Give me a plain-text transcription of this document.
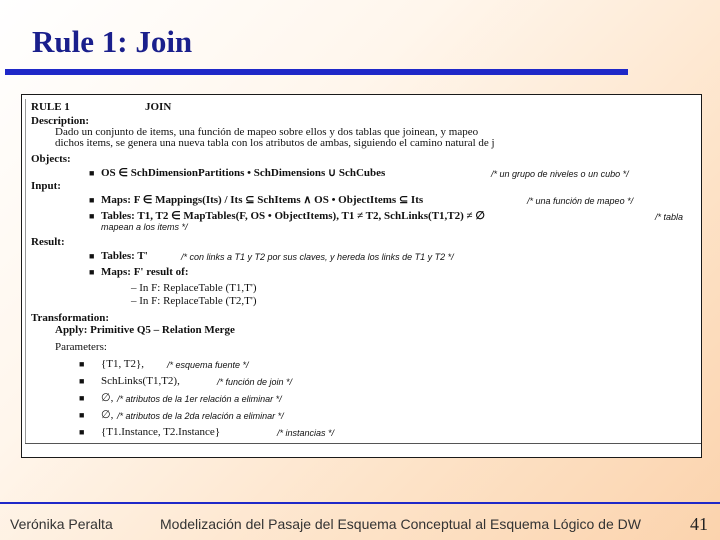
Rule 1: Join
RULE 1	JOIN
Description:
Dado un conjunto de items, una función de mapeo sobre ellos y dos tablas que joinean, y mapeo
dichos items, se genera una nueva tabla con los atributos de ambas, siguiendo el camino natural de j
Objects:
■ OS ∈ SchDimensionPartitions • SchDimensions ∪ SchCubes	/* un grupo de niveles o un cubo */
Input:
■ Maps: F ∈ Mappings(Its) / Its ⊆ SchItems ∧ OS • ObjectItems ⊆ Its	/* una función de mapeo */
■ Tables: T1, T2 ∈ MapTables(F, OS • ObjectItems), T1 ≠ T2, SchLinks(T1,T2) ≠ ∅	/* tabla
mapean a los items */
Result:
■ Tables: T'	/* con links a T1 y T2 por sus claves, y hereda los links de T1 y T2 */
■ Maps: F' result of:
– In F: ReplaceTable (T1,T')
– In F: ReplaceTable (T2,T')
Transformation:
Apply: Primitive Q5 – Relation Merge
Parameters:
■ {T1, T2},	/* esquema fuente */
■ SchLinks(T1,T2),	/* función de join */
■ ∅, /* atributos de la 1er relación a eliminar */
■ ∅, /* atributos de la 2da relación a eliminar */
■ {T1.Instance, T2.Instance}	/* instancias */
Verónika Peralta	Modelización del Pasaje del Esquema Conceptual al Esquema Lógico de DW	41
